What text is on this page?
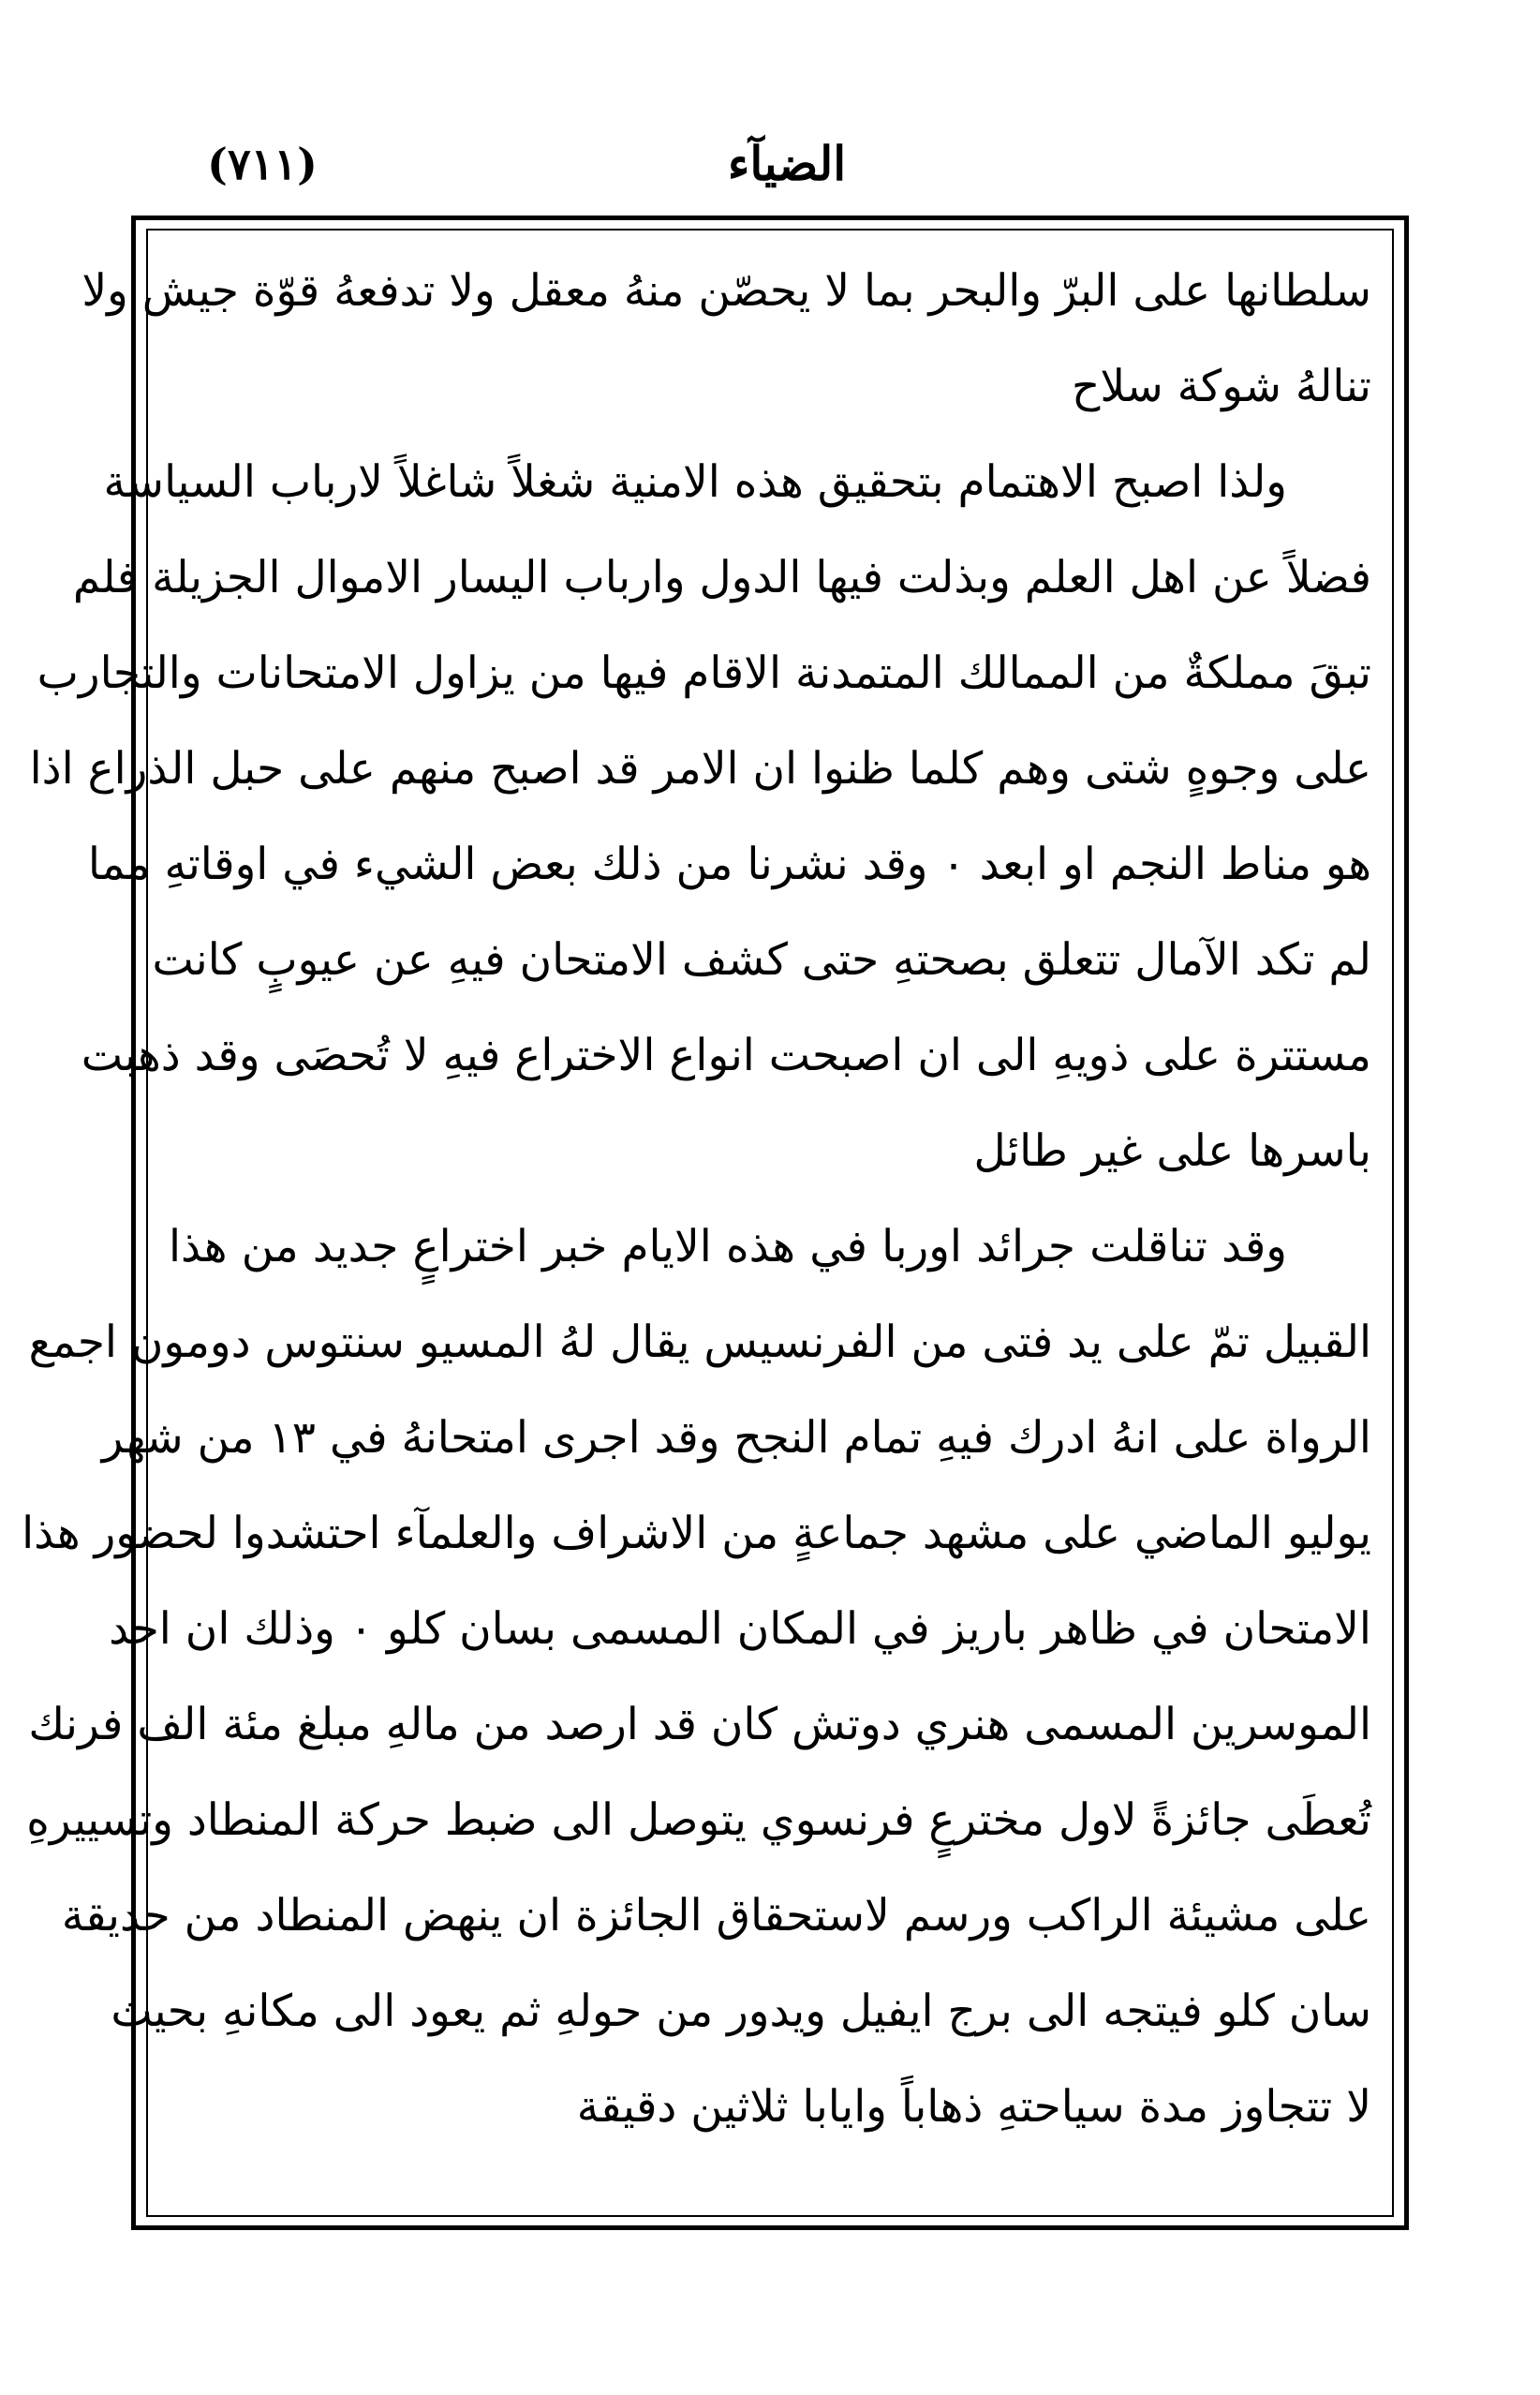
الضيآء
(٧١١)
سلطانها على البرّ والبحر بما لا يحصّن منهُ معقل ولا تدفعهُ قوّة جيش ولا
تنالهُ شوكة سلاح
ولذا اصبح الاهتمام بتحقيق هذه الامنية شغلاً شاغلاً لارباب السياسة
فضلاً عن اهل العلم وبذلت فيها الدول وارباب اليسار الاموال الجزيلة فلم
تبقَ مملكةٌ من الممالك المتمدنة الاقام فيها من يزاول الامتحانات والتجارب
على وجوهٍ شتى وهم كلما ظنوا ان الامر قد اصبح منهم على حبل الذراع اذا
هو مناط النجم او ابعد ٠ وقد نشرنا من ذلك بعض الشيء في اوقاتهِ مما
لم تكد الآمال تتعلق بصحتهِ حتى كشف الامتحان فيهِ عن عيوبٍ كانت
مستترة على ذويهِ الى ان اصبحت انواع الاختراع فيهِ لا تُحصَى وقد ذهبت
باسرها على غير طائل
وقد تناقلت جرائد اوربا في هذه الايام خبر اختراعٍ جديد من هذا
القبيل تمّ على يد فتى من الفرنسيس يقال لهُ المسيو سنتوس دومون اجمع
الرواة على انهُ ادرك فيهِ تمام النجح وقد اجرى امتحانهُ في ١٣ من شهر
يوليو الماضي على مشهد جماعةٍ من الاشراف والعلمآء احتشدوا لحضور هذا
الامتحان في ظاهر باريز في المكان المسمى بسان كلو ٠ وذلك ان احد
الموسرين المسمى هنري دوتش كان قد ارصد من مالهِ مبلغ مئة الف فرنك
تُعطَى جائزةً لاول مخترعٍ فرنسوي يتوصل الى ضبط حركة المنطاد وتسييرهِ
على مشيئة الراكب ورسم لاستحقاق الجائزة ان ينهض المنطاد من حديقة
سان كلو فيتجه الى برج ايفيل ويدور من حولهِ ثم يعود الى مكانهِ بحيث
لا تتجاوز مدة سياحتهِ ذهاباً وايابا ثلاثين دقيقة
